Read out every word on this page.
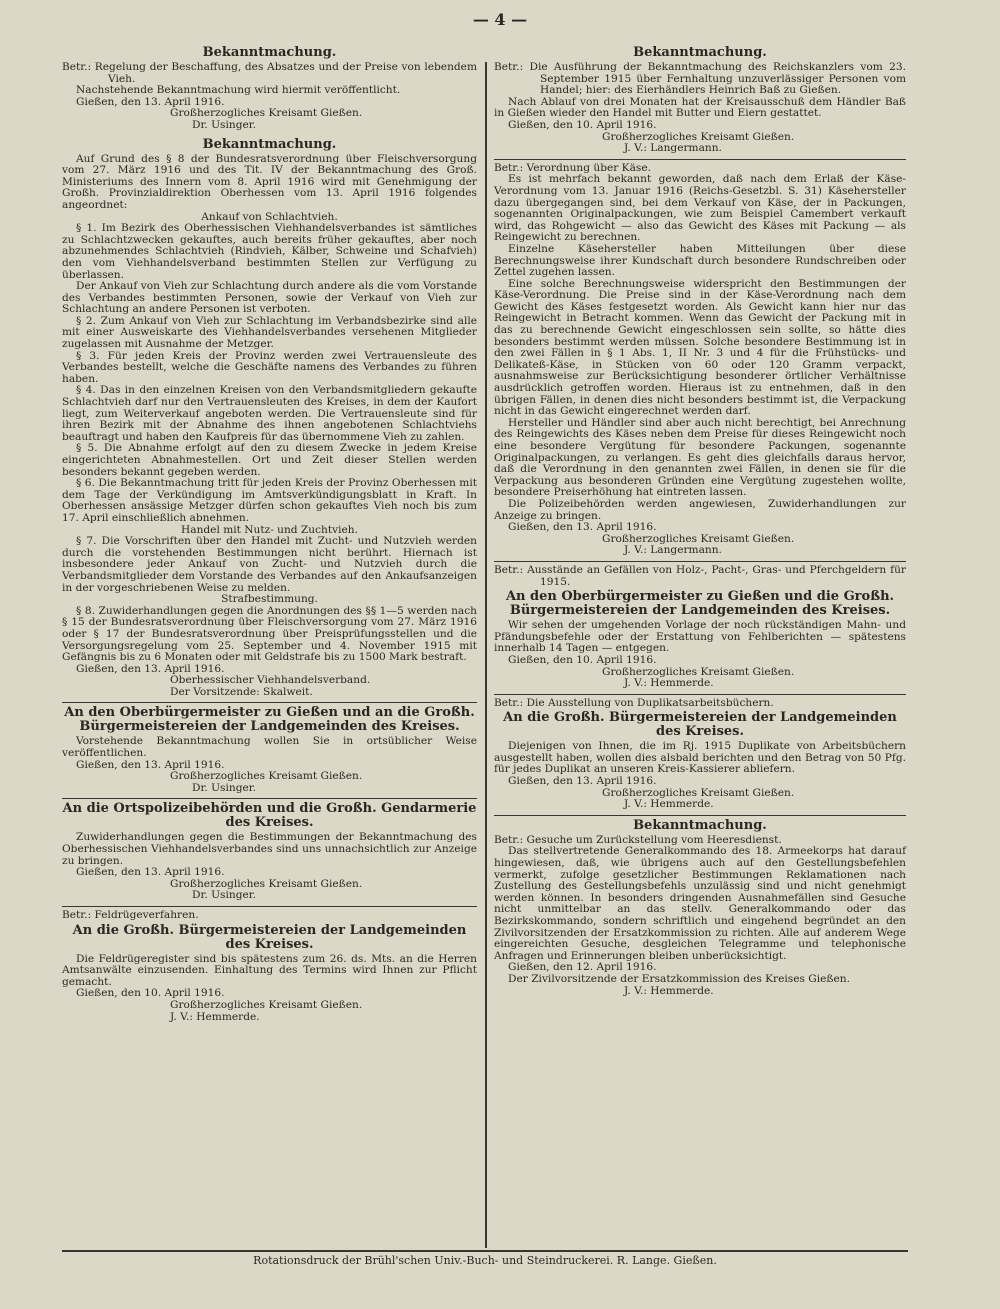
— 4 —
Bekanntmachung.
Betr.: Regelung der Beschaffung, des Absatzes und der Preise von lebendem Vieh.
Nachstehende Bekanntmachung wird hiermit veröffentlicht.
Gießen, den 13. April 1916.
Großherzogliches Kreisamt Gießen.
Dr. Usinger.
Bekanntmachung.
Auf Grund des § 8 der Bundesratsverordnung über Fleischversorgung vom 27. März 1916 und des Tit. IV der Bekanntmachung des Groß. Ministeriums des Innern vom 8. April 1916 wird mit Genehmigung der Großh. Provinzialdirektion Oberhessen vom 13. April 1916 folgendes angeordnet:
Ankauf von Schlachtvieh.
§ 1. Im Bezirk des Oberhessischen Viehhandelsverbandes ist sämtliches zu Schlachtzwecken gekauftes, auch bereits früher gekauftes, aber noch abzunehmendes Schlachtvieh (Rindvieh, Kälber, Schweine und Schafvieh) den vom Viehhandelsverband bestimmten Stellen zur Verfügung zu überlassen.
Der Ankauf von Vieh zur Schlachtung durch andere als die vom Vorstande des Verbandes bestimmten Personen, sowie der Verkauf von Vieh zur Schlachtung an andere Personen ist verboten.
§ 2. Zum Ankauf von Vieh zur Schlachtung im Verbandsbezirke sind alle mit einer Ausweiskarte des Viehhandelsverbandes versehenen Mitglieder zugelassen mit Ausnahme der Metzger.
§ 3. Für jeden Kreis der Provinz werden zwei Vertrauensleute des Verbandes bestellt, welche die Geschäfte namens des Verbandes zu führen haben.
§ 4. Das in den einzelnen Kreisen von den Verbandsmitgliedern gekaufte Schlachtvieh darf nur den Vertrauensleuten des Kreises, in dem der Kaufort liegt, zum Weiterverkauf angeboten werden. Die Vertrauensleute sind für ihren Bezirk mit der Abnahme des ihnen angebotenen Schlachtviehs beauftragt und haben den Kaufpreis für das übernommene Vieh zu zahlen.
§ 5. Die Abnahme erfolgt auf den zu diesem Zwecke in jedem Kreise eingerichteten Abnahmestellen. Ort und Zeit dieser Stellen werden besonders bekannt gegeben werden.
§ 6. Die Bekanntmachung tritt für jeden Kreis der Provinz Oberhessen mit dem Tage der Verkündigung im Amtsverkündigungsblatt in Kraft. In Oberhessen ansässige Metzger dürfen schon gekauftes Vieh noch bis zum 17. April einschließlich abnehmen.
Handel mit Nutz- und Zuchtvieh.
§ 7. Die Vorschriften über den Handel mit Zucht- und Nutzvieh werden durch die vorstehenden Bestimmungen nicht berührt. Hiernach ist insbesondere jeder Ankauf von Zucht- und Nutzvieh durch die Verbandsmitglieder dem Vorstande des Verbandes auf den Ankaufsanzeigen in der vorgeschriebenen Weise zu melden.
Strafbestimmung.
§ 8. Zuwiderhandlungen gegen die Anordnungen des §§ 1—5 werden nach § 15 der Bundesratsverordnung über Fleischversorgung vom 27. März 1916 oder § 17 der Bundesratsverordnung über Preisprüfungsstellen und die Versorgungsregelung vom 25. September und 4. November 1915 mit Gefängnis bis zu 6 Monaten oder mit Geldstrafe bis zu 1500 Mark bestraft.
Gießen, den 13. April 1916.
Oberhessischer Viehhandelsverband.
Der Vorsitzende: Skalweit.
An den Oberbürgermeister zu Gießen und an die Großh. Bürgermeistereien der Landgemeinden des Kreises.
Vorstehende Bekanntmachung wollen Sie in ortsüblicher Weise veröffentlichen.
Gießen, den 13. April 1916.
Großherzogliches Kreisamt Gießen.
Dr. Usinger.
An die Ortspolizeibehörden und die Großh. Gendarmerie des Kreises.
Zuwiderhandlungen gegen die Bestimmungen der Bekanntmachung des Oberhessischen Viehhandelsverbandes sind uns unnachsichtlich zur Anzeige zu bringen.
Gießen, den 13. April 1916.
Großherzogliches Kreisamt Gießen.
Dr. Usinger.
Betr.: Feldrügeverfahren.
An die Großh. Bürgermeistereien der Landgemeinden des Kreises.
Die Feldrügeregister sind bis spätestens zum 26. ds. Mts. an die Herren Amtsanwälte einzusenden. Einhaltung des Termins wird Ihnen zur Pflicht gemacht.
Gießen, den 10. April 1916.
Großherzogliches Kreisamt Gießen.
J. V.: Hemmerde.
Bekanntmachung.
Betr.: Die Ausführung der Bekanntmachung des Reichskanzlers vom 23. September 1915 über Fernhaltung unzuverlässiger Personen vom Handel; hier: des Eierhändlers Heinrich Baß zu Gießen.
Nach Ablauf von drei Monaten hat der Kreisausschuß dem Händler Baß in Gießen wieder den Handel mit Butter und Eiern gestattet.
Gießen, den 10. April 1916.
Großherzogliches Kreisamt Gießen.
J. V.: Langermann.
Betr.: Verordnung über Käse.
Es ist mehrfach bekannt geworden, daß nach dem Erlaß der Käse-Verordnung vom 13. Januar 1916 (Reichs-Gesetzbl. S. 31) Käsehersteller dazu übergegangen sind, bei dem Verkauf von Käse, der in Packungen, sogenannten Originalpackungen, wie zum Beispiel Camembert verkauft wird, das Rohgewicht — also das Gewicht des Käses mit Packung — als Reingewicht zu berechnen.
Einzelne Käsehersteller haben Mitteilungen über diese Berechnungsweise ihrer Kundschaft durch besondere Rundschreiben oder Zettel zugehen lassen.
Eine solche Berechnungsweise widerspricht den Bestimmungen der Käse-Verordnung. Die Preise sind in der Käse-Verordnung nach dem Gewicht des Käses festgesetzt worden. Als Gewicht kann hier nur das Reingewicht in Betracht kommen. Wenn das Gewicht der Packung mit in das zu berechnende Gewicht eingeschlossen sein sollte, so hätte dies besonders bestimmt werden müssen. Solche besondere Bestimmung ist in den zwei Fällen in § 1 Abs. 1, II Nr. 3 und 4 für die Frühstücks- und Delikateß-Käse, in Stücken von 60 oder 120 Gramm verpackt, ausnahmsweise zur Berücksichtigung besonderer örtlicher Verhältnisse ausdrücklich getroffen worden. Hieraus ist zu entnehmen, daß in den übrigen Fällen, in denen dies nicht besonders bestimmt ist, die Verpackung nicht in das Gewicht eingerechnet werden darf.
Hersteller und Händler sind aber auch nicht berechtigt, bei Anrechnung des Reingewichts des Käses neben dem Preise für dieses Reingewicht noch eine besondere Vergütung für besondere Packungen, sogenannte Originalpackungen, zu verlangen. Es geht dies gleichfalls daraus hervor, daß die Verordnung in den genannten zwei Fällen, in denen sie für die Verpackung aus besonderen Gründen eine Vergütung zugestehen wollte, besondere Preiserhöhung hat eintreten lassen.
Die Polizeibehörden werden angewiesen, Zuwiderhandlungen zur Anzeige zu bringen.
Gießen, den 13. April 1916.
Großherzogliches Kreisamt Gießen.
J. V.: Langermann.
Betr.: Ausstände an Gefällen von Holz-, Pacht-, Gras- und Pferchgeldern für 1915.
An den Oberbürgermeister zu Gießen und die Großh. Bürgermeistereien der Landgemeinden des Kreises.
Wir sehen der umgehenden Vorlage der noch rückständigen Mahn- und Pfändungsbefehle oder der Erstattung von Fehlberichten — spätestens innerhalb 14 Tagen — entgegen.
Gießen, den 10. April 1916.
Großherzogliches Kreisamt Gießen.
J. V.: Hemmerde.
Betr.: Die Ausstellung von Duplikatsarbeitsbüchern.
An die Großh. Bürgermeistereien der Landgemeinden des Kreises.
Diejenigen von Ihnen, die im Rj. 1915 Duplikate von Arbeitsbüchern ausgestellt haben, wollen dies alsbald berichten und den Betrag von 50 Pfg. für jedes Duplikat an unseren Kreis-Kassierer abliefern.
Gießen, den 13. April 1916.
Großherzogliches Kreisamt Gießen.
J. V.: Hemmerde.
Bekanntmachung.
Betr.: Gesuche um Zurückstellung vom Heeresdienst.
Das stellvertretende Generalkommando des 18. Armeekorps hat darauf hingewiesen, daß, wie übrigens auch auf den Gestellungsbefehlen vermerkt, zufolge gesetzlicher Bestimmungen Reklamationen nach Zustellung des Gestellungsbefehls unzulässig sind und nicht genehmigt werden können. In besonders dringenden Ausnahmefällen sind Gesuche nicht unmittelbar an das stellv. Generalkommando oder das Bezirkskommando, sondern schriftlich und eingehend begründet an den Zivilvorsitzenden der Ersatzkommission zu richten. Alle auf anderem Wege eingereichten Gesuche, desgleichen Telegramme und telephonische Anfragen und Erinnerungen bleiben unberücksichtigt.
Gießen, den 12. April 1916.
Der Zivilvorsitzende der Ersatzkommission des Kreises Gießen.
J. V.: Hemmerde.
Rotationsdruck der Brühl'schen Univ.-Buch- und Steindruckerei. R. Lange. Gießen.
